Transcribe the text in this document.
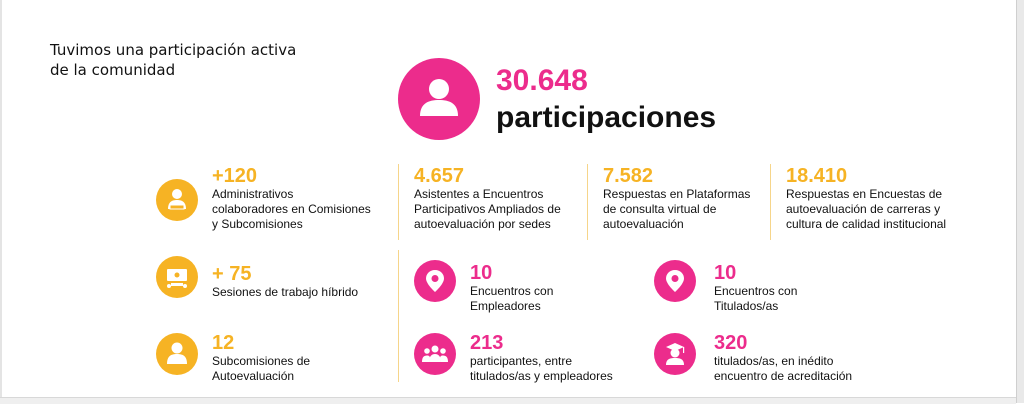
Tuvimos una participación activa
de la comunidad	30.648
participaciones
+120
Administrativos
colaboradores en Comisiones
y Subcomisiones
4.657
Asistentes a Encuentros
Participativos Ampliados de
autoevaluación por sedes
7.582
Respuestas en Plataformas
de consulta virtual de
autoevaluación
18.410
Respuestas en Encuestas de
autoevaluación de carreras y
cultura de calidad institucional
+ 75
Sesiones de trabajo híbrido
10
Encuentros con
Empleadores
10
Encuentros con
Titulados/as
12
Subcomisiones de
Autoevaluación
213
participantes, entre
titulados/as y empleadores
320
titulados/as, en inédito
encuentro de acreditación
